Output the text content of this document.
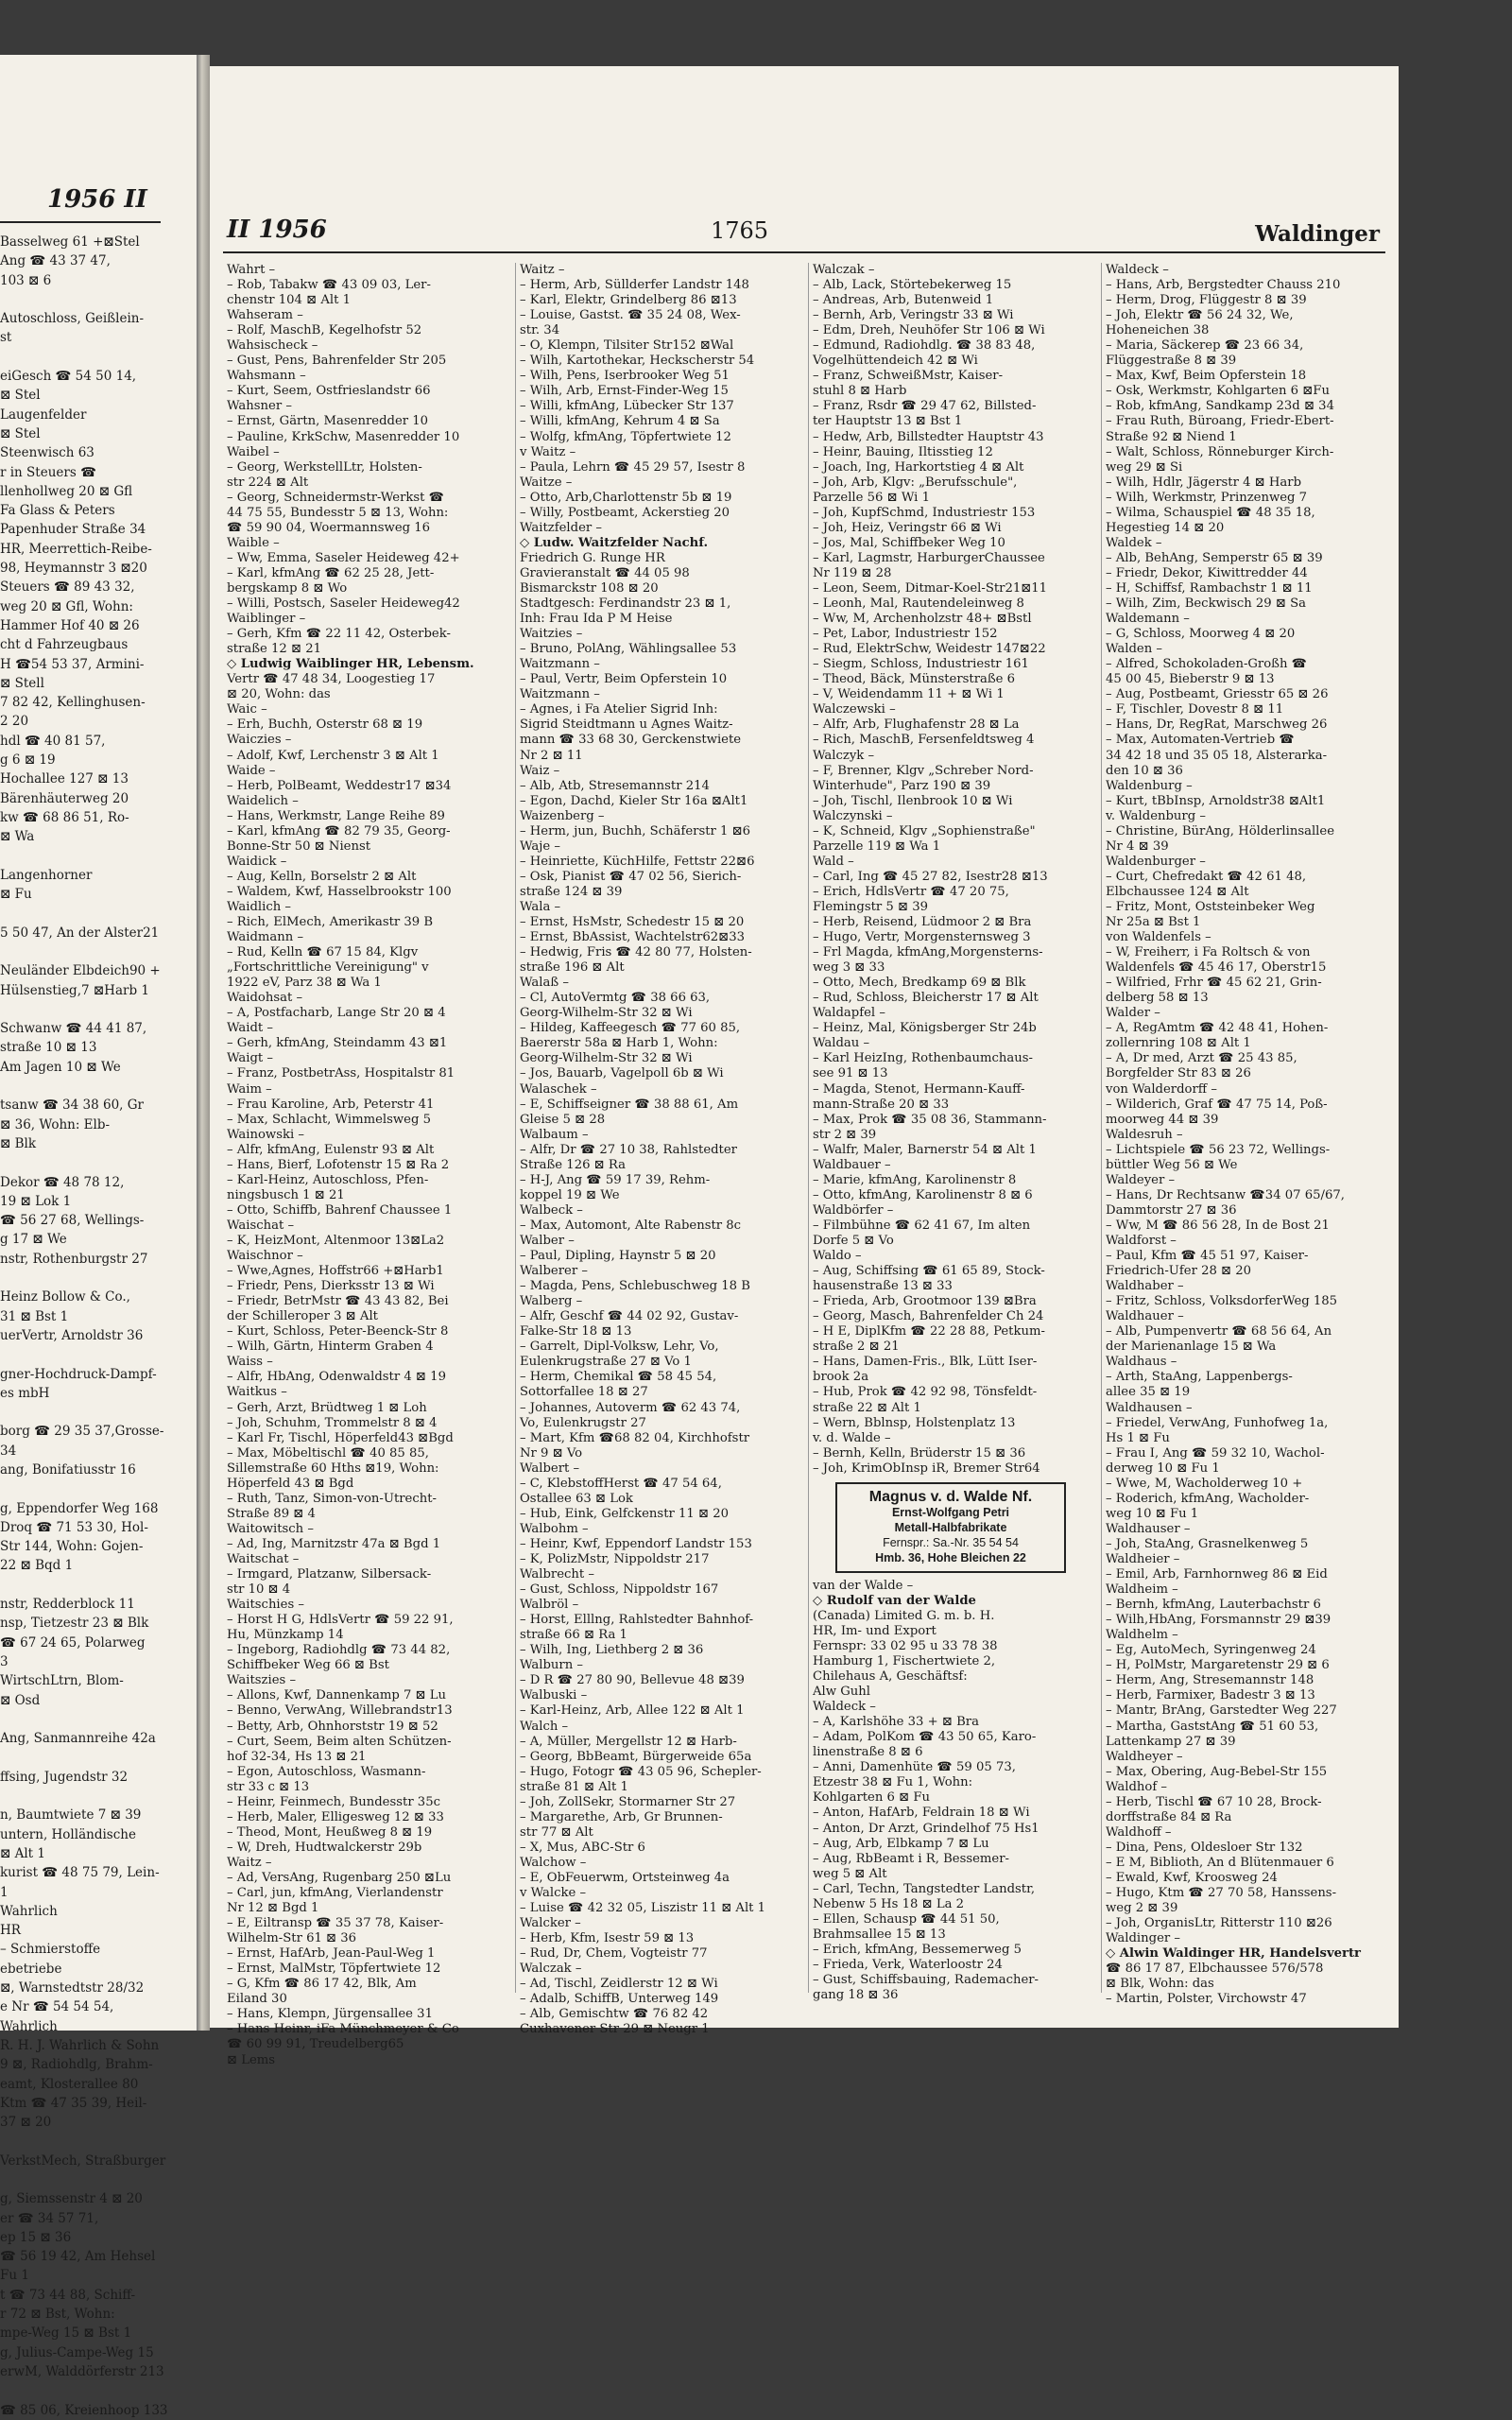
1956 II
Basselweg 61 +⊠Stel
Ang ☎ 43 37 47,
103 ⊠ 6

Autoschloss, Geißlein-
st

eiGesch ☎ 54 50 14,
⊠ Stel
Laugenfelder
⊠ Stel
Steenwisch 63
r in Steuers ☎
llenhollweg 20 ⊠ Gfl
Fa Glass & Peters
Papenhuder Straße 34
HR, Meerrettich-Reibe-
98, Heymannstr 3 ⊠20
Steuers ☎ 89 43 32,
weg 20 ⊠ Gfl, Wohn:
Hammer Hof 40 ⊠ 26
cht d Fahrzeugbaus
H ☎54 53 37, Armini-
⊠ Stell
7 82 42, Kellinghusen-
2 20
hdl ☎ 40 81 57,
g 6 ⊠ 19
Hochallee 127 ⊠ 13
Bärenhäuterweg 20
kw ☎ 68 86 51, Ro-
⊠ Wa

Langenhorner
⊠ Fu

5 50 47, An der Alster21

Neuländer Elbdeich90 +
Hülsenstieg,7 ⊠Harb 1

Schwanw ☎ 44 41 87,
straße 10 ⊠ 13
Am Jagen 10 ⊠ We

tsanw ☎ 34 38 60, Gr
⊠ 36, Wohn: Elb-
⊠ Blk

Dekor ☎ 48 78 12,
19 ⊠ Lok 1
☎ 56 27 68, Wellings-
g 17 ⊠ We
nstr, Rothenburgstr 27

Heinz Bollow & Co.,
31 ⊠ Bst 1
uerVertr, Arnoldstr 36

gner-Hochdruck-Dampf-
es mbH

borg ☎ 29 35 37,Grosse-
34
ang, Bonifatiusstr 16

g, Eppendorfer Weg 168
Droq ☎ 71 53 30, Hol-
Str 144, Wohn: Gojen-
22 ⊠ Bqd 1

nstr, Redderblock 11
nsp, Tietzestr 23 ⊠ Blk
☎ 67 24 65, Polarweg
3
WirtschLtrn, Blom-
⊠ Osd

Ang, Sanmannreihe 42a

ffsing, Jugendstr 32

n, Baumtwiete 7 ⊠ 39
untern, Holländische
⊠ Alt 1
kurist ☎ 48 75 79, Lein-
1
Wahrlich
HR
– Schmierstoffe
ebetriebe
⊠, Warnstedtstr 28/32
e Nr ☎ 54 54 54,
Wahrlich
R. H. J. Wahrlich & Sohn
9 ⊠, Radiohdlg, Brahm-
eamt, Klosterallee 80
Ktm ☎ 47 35 39, Heil-
37 ⊠ 20

VerkstMech, Straßburger

g, Siemssenstr 4 ⊠ 20
er ☎ 34 57 71,
ep 15 ⊠ 36
☎ 56 19 42, Am Hehsel
Fu 1
t ☎ 73 44 88, Schiff-
r 72 ⊠ Bst, Wohn:
mpe-Weg 15 ⊠ Bst 1
g, Julius-Campe-Weg 15
erwM, Walddörferstr 213

☎ 85 06, Kreienhoop 133
II 1956	1765	Waldinger
Wahrt –
– Rob, Tabakw ☎ 43 09 03, Ler-
chenstr 104 ⊠ Alt 1
Wahseram –
– Rolf, MaschB, Kegelhofstr 52
Wahsischeck –
– Gust, Pens, Bahrenfelder Str 205
Wahsmann –
– Kurt, Seem, Ostfrieslandstr 66
Wahsner –
– Ernst, Gärtn, Masenredder 10
– Pauline, KrkSchw, Masenredder 10
Waibel –
– Georg, WerkstellLtr, Holsten-
str 224 ⊠ Alt
– Georg, Schneidermstr-Werkst ☎
44 75 55, Bundesstr 5 ⊠ 13, Wohn:
☎ 59 90 04, Woermannsweg 16
Waible –
– Ww, Emma, Saseler Heideweg 42+
– Karl, kfmAng ☎ 62 25 28, Jett-
bergskamp 8 ⊠ Wo
– Willi, Postsch, Saseler Heideweg42
Waiblinger –
– Gerh, Kfm ☎ 22 11 42, Osterbek-
straße 12 ⊠ 21
◇ Ludwig Waiblinger HR, Lebensm.
Vertr ☎ 47 48 34, Loogestieg 17
⊠ 20, Wohn: das
Waic –
– Erh, Buchh, Osterstr 68 ⊠ 19
Waiczies –
– Adolf, Kwf, Lerchenstr 3 ⊠ Alt 1
Waide –
– Herb, PolBeamt, Weddestr17 ⊠34
Waidelich –
– Hans, Werkmstr, Lange Reihe 89
– Karl, kfmAng ☎ 82 79 35, Georg-
Bonne-Str 50 ⊠ Nienst
Waidick –
– Aug, Kelln, Borselstr 2 ⊠ Alt
– Waldem, Kwf, Hasselbrookstr 100
Waidlich –
– Rich, ElMech, Amerikastr 39 B
Waidmann –
– Rud, Kelln ☎ 67 15 84, Klgv
„Fortschrittliche Vereinigung" v
1922 eV, Parz 38 ⊠ Wa 1
Waidohsat –
– A, Postfacharb, Lange Str 20 ⊠ 4
Waidt –
– Gerh, kfmAng, Steindamm 43 ⊠1
Waigt –
– Franz, PostbetrAss, Hospitalstr 81
Waim –
– Frau Karoline, Arb, Peterstr 41
– Max, Schlacht, Wimmelsweg 5
Wainowski –
– Alfr, kfmAng, Eulenstr 93 ⊠ Alt
– Hans, Bierf, Lofotenstr 15 ⊠ Ra 2
– Karl-Heinz, Autoschloss, Pfen-
ningsbusch 1 ⊠ 21
– Otto, Schiffb, Bahrenf Chaussee 1
Waischat –
– K, HeizMont, Altenmoor 13⊠La2
Waischnor –
– Wwe,Agnes, Hoffstr66 +⊠Harb1
– Friedr, Pens, Dierksstr 13 ⊠ Wi
– Friedr, BetrMstr ☎ 43 43 82, Bei
der Schilleroper 3 ⊠ Alt
– Kurt, Schloss, Peter-Beenck-Str 8
– Wilh, Gärtn, Hinterm Graben 4
Waiss –
– Alfr, HbAng, Odenwaldstr 4 ⊠ 19
Waitkus –
– Gerh, Arzt, Brüdtweg 1 ⊠ Loh
– Joh, Schuhm, Trommelstr 8 ⊠ 4
– Karl Fr, Tischl, Höperfeld43 ⊠Bgd
– Max, Möbeltischl ☎ 40 85 85,
Sillemstraße 60 Hths ⊠19, Wohn:
Höperfeld 43 ⊠ Bgd
– Ruth, Tanz, Simon-von-Utrecht-
Straße 89 ⊠ 4
Waitowitsch –
– Ad, Ing, Marnitzstr 47a ⊠ Bgd 1
Waitschat –
– Irmgard, Platzanw, Silbersack-
str 10 ⊠ 4
Waitschies –
– Horst H G, HdlsVertr ☎ 59 22 91,
Hu, Münzkamp 14
– Ingeborg, Radiohdlg ☎ 73 44 82,
Schiffbeker Weg 66 ⊠ Bst
Waitszies –
– Allons, Kwf, Dannenkamp 7 ⊠ Lu
– Benno, VerwAng, Willebrandstr13
– Betty, Arb, Ohnhorststr 19 ⊠ 52
– Curt, Seem, Beim alten Schützen-
hof 32-34, Hs 13 ⊠ 21
– Egon, Autoschloss, Wasmann-
str 33 c ⊠ 13
– Heinr, Feinmech, Bundesstr 35c
– Herb, Maler, Elligesweg 12 ⊠ 33
– Theod, Mont, Heußweg 8 ⊠ 19
– W, Dreh, Hudtwalckerstr 29b
Waitz –
– Ad, VersAng, Rugenbarg 250 ⊠Lu
– Carl, jun, kfmAng, Vierlandenstr
Nr 12 ⊠ Bgd 1
– E, Eiltransp ☎ 35 37 78, Kaiser-
Wilhelm-Str 61 ⊠ 36
– Ernst, HafArb, Jean-Paul-Weg 1
– Ernst, MalMstr, Töpfertwiete 12
– G, Kfm ☎ 86 17 42, Blk, Am
Eiland 30
– Hans, Klempn, Jürgensallee 31
– Hans Heinr, iFa Münchmeyer & Co
☎ 60 99 91, Treudelberg65
⊠ Lems
Waitz –
– Herm, Arb, Süllderfer Landstr 148
– Karl, Elektr, Grindelberg 86 ⊠13
– Louise, Gastst. ☎ 35 24 08, Wex-
str. 34
– O, Klempn, Tilsiter Str152 ⊠Wal
– Wilh, Kartothekar, Heckscherstr 54
– Wilh, Pens, Iserbrooker Weg 51
– Wilh, Arb, Ernst-Finder-Weg 15
– Willi, kfmAng, Lübecker Str 137
– Willi, kfmAng, Kehrum 4 ⊠ Sa
– Wolfg, kfmAng, Töpfertwiete 12
v Waitz –
– Paula, Lehrn ☎ 45 29 57, Isestr 8
Waitze –
– Otto, Arb,Charlottenstr 5b ⊠ 19
– Willy, Postbeamt, Ackerstieg 20
Waitzfelder –
◇ Ludw. Waitzfelder Nachf.
Friedrich G. Runge HR
Gravieranstalt ☎ 44 05 98
Bismarckstr 108 ⊠ 20
Stadtgesch: Ferdinandstr 23 ⊠ 1,
Inh: Frau Ida P M Heise
Waitzies –
– Bruno, PolAng, Wählingsallee 53
Waitzmann –
– Paul, Vertr, Beim Opferstein 10
Waitzmann –
– Agnes, i Fa Atelier Sigrid Inh:
Sigrid Steidtmann u Agnes Waitz-
mann ☎ 33 68 30, Gerckenstwiete
Nr 2 ⊠ 11
Waiz –
– Alb, Atb, Stresemannstr 214
– Egon, Dachd, Kieler Str 16a ⊠Alt1
Waizenberg –
– Herm, jun, Buchh, Schäferstr 1 ⊠6
Waje –
– Heinriette, KüchHilfe, Fettstr 22⊠6
– Osk, Pianist ☎ 47 02 56, Sierich-
straße 124 ⊠ 39
Wala –
– Ernst, HsMstr, Schedestr 15 ⊠ 20
– Ernst, BbAssist, Wachtelstr62⊠33
– Hedwig, Fris ☎ 42 80 77, Holsten-
straße 196 ⊠ Alt
Walaß –
– Cl, AutoVermtg ☎ 38 66 63,
Georg-Wilhelm-Str 32 ⊠ Wi
– Hildeg, Kaffeegesch ☎ 77 60 85,
Baererstr 58a ⊠ Harb 1, Wohn:
Georg-Wilhelm-Str 32 ⊠ Wi
– Jos, Bauarb, Vagelpoll 6b ⊠ Wi
Walaschek –
– E, Schiffseigner ☎ 38 88 61, Am
Gleise 5 ⊠ 28
Walbaum –
– Alfr, Dr ☎ 27 10 38, Rahlstedter
Straße 126 ⊠ Ra
– H-J, Ang ☎ 59 17 39, Rehm-
koppel 19 ⊠ We
Walbeck –
– Max, Automont, Alte Rabenstr 8c
Walber –
– Paul, Dipling, Haynstr 5 ⊠ 20
Walberer –
– Magda, Pens, Schlebuschweg 18 B
Walberg –
– Alfr, Geschf ☎ 44 02 92, Gustav-
Falke-Str 18 ⊠ 13
– Garrelt, Dipl-Volksw, Lehr, Vo,
Eulenkrugstraße 27 ⊠ Vo 1
– Herm, Chemikal ☎ 58 45 54,
Sottorfallee 18 ⊠ 27
– Johannes, Autoverm ☎ 62 43 74,
Vo, Eulenkrugstr 27
– Mart, Kfm ☎68 82 04, Kirchhofstr
Nr 9 ⊠ Vo
Walbert –
– C, KlebstoffHerst ☎ 47 54 64,
Ostallee 63 ⊠ Lok
– Hub, Eink, Gelfckenstr 11 ⊠ 20
Walbohm –
– Heinr, Kwf, Eppendorf Landstr 153
– K, PolizMstr, Nippoldstr 217
Walbrecht –
– Gust, Schloss, Nippoldstr 167
Walbröl –
– Horst, Elllng, Rahlstedter Bahnhof-
straße 66 ⊠ Ra 1
– Wilh, Ing, Liethberg 2 ⊠ 36
Walburn –
– D R ☎ 27 80 90, Bellevue 48 ⊠39
Walbuski –
– Karl-Heinz, Arb, Allee 122 ⊠ Alt 1
Walch –
– A, Müller, Mergellstr 12 ⊠ Harb-
– Georg, BbBeamt, Bürgerweide 65a
– Hugo, Fotogr ☎ 43 05 96, Schepler-
straße 81 ⊠ Alt 1
– Joh, ZollSekr, Stormarner Str 27
– Margarethe, Arb, Gr Brunnen-
str 77 ⊠ Alt
– X, Mus, ABC-Str 6
Walchow –
– E, ObFeuerwm, Ortsteinweg 4a
v Walcke –
– Luise ☎ 42 32 05, Liszistr 11 ⊠ Alt 1
Walcker –
– Herb, Kfm, Isestr 59 ⊠ 13
– Rud, Dr, Chem, Vogteistr 77
Walczak –
– Ad, Tischl, Zeidlerstr 12 ⊠ Wi
– Adalb, SchiffB, Unterweg 149
– Alb, Gemischtw ☎ 76 82 42
Cuxhavener Str 29 ⊠ Neugr 1
Walczak –
– Alb, Lack, Störtebekerweg 15
– Andreas, Arb, Butenweid 1
– Bernh, Arb, Veringstr 33 ⊠ Wi
– Edm, Dreh, Neuhöfer Str 106 ⊠ Wi
– Edmund, Radiohdlg. ☎ 38 83 48,
Vogelhüttendeich 42 ⊠ Wi
– Franz, SchweißMstr, Kaiser-
stuhl 8 ⊠ Harb
– Franz, Rsdr ☎ 29 47 62, Billsted-
ter Hauptstr 13 ⊠ Bst 1
– Hedw, Arb, Billstedter Hauptstr 43
– Heinr, Bauing, Iltisstieg 12
– Joach, Ing, Harkortstieg 4 ⊠ Alt
– Joh, Arb, Klgv: „Berufsschule",
Parzelle 56 ⊠ Wi 1
– Joh, KupfSchmd, Industriestr 153
– Joh, Heiz, Veringstr 66 ⊠ Wi
– Jos, Mal, Schiffbeker Weg 10
– Karl, Lagmstr, HarburgerChaussee
Nr 119 ⊠ 28
– Leon, Seem, Ditmar-Koel-Str21⊠11
– Leonh, Mal, Rautendeleinweg 8
– Ww, M, Archenholzstr 48+ ⊠Bstl
– Pet, Labor, Industriestr 152
– Rud, ElektrSchw, Weidestr 147⊠22
– Siegm, Schloss, Industriestr 161
– Theod, Bäck, Münsterstraße 6
– V, Weidendamm 11 + ⊠ Wi 1
Walczewski –
– Alfr, Arb, Flughafenstr 28 ⊠ La
– Rich, MaschB, Fersenfeldtsweg 4
Walczyk –
– F, Brenner, Klgv „Schreber Nord-
Winterhude", Parz 190 ⊠ 39
– Joh, Tischl, Ilenbrook 10 ⊠ Wi
Walczynski –
– K, Schneid, Klgv „Sophienstraße"
Parzelle 119 ⊠ Wa 1
Wald –
– Carl, Ing ☎ 45 27 82, Isestr28 ⊠13
– Erich, HdlsVertr ☎ 47 20 75,
Flemingstr 5 ⊠ 39
– Herb, Reisend, Lüdmoor 2 ⊠ Bra
– Hugo, Vertr, Morgensternsweg 3
– Frl Magda, kfmAng,Morgensterns-
weg 3 ⊠ 33
– Otto, Mech, Bredkamp 69 ⊠ Blk
– Rud, Schloss, Bleicherstr 17 ⊠ Alt
Waldapfel –
– Heinz, Mal, Königsberger Str 24b
Waldau –
– Karl HeizIng, Rothenbaumchaus-
see 91 ⊠ 13
– Magda, Stenot, Hermann-Kauff-
mann-Straße 20 ⊠ 33
– Max, Prok ☎ 35 08 36, Stammann-
str 2 ⊠ 39
– Walfr, Maler, Barnerstr 54 ⊠ Alt 1
Waldbauer –
– Marie, kfmAng, Karolinenstr 8
– Otto, kfmAng, Karolinenstr 8 ⊠ 6
Waldbörfer –
– Filmbühne ☎ 62 41 67, Im alten
Dorfe 5 ⊠ Vo
Waldo –
– Aug, Schiffsing ☎ 61 65 89, Stock-
hausenstraße 13 ⊠ 33
– Frieda, Arb, Grootmoor 139 ⊠Bra
– Georg, Masch, Bahrenfelder Ch 24
– H E, DiplKfm ☎ 22 28 88, Petkum-
straße 2 ⊠ 21
– Hans, Damen-Fris., Blk, Lütt Iser-
brook 2a
– Hub, Prok ☎ 42 92 98, Tönsfeldt-
straße 22 ⊠ Alt 1
– Wern, Bblnsp, Holstenplatz 13
v. d. Walde –
– Bernh, Kelln, Brüderstr 15 ⊠ 36
– Joh, KrimObInsp iR, Bremer Str64
Magnus v. d. Walde Nf.
Ernst-Wolfgang Petri
Metall-Halbfabrikate
Fernspr.: Sa.-Nr. 35 54 54
Hmb. 36, Hohe Bleichen 22
van der Walde –
◇ Rudolf van der Walde
(Canada) Limited G. m. b. H.
HR, Im- und Export
Fernspr: 33 02 95 u 33 78 38
Hamburg 1, Fischertwiete 2,
Chilehaus A, Geschäftsf:
Alw Guhl
Waldeck –
– A, Karlshöhe 33 + ⊠ Bra
– Adam, PolKom ☎ 43 50 65, Karo-
linenstraße 8 ⊠ 6
– Anni, Damenhüte ☎ 59 05 73,
Etzestr 38 ⊠ Fu 1, Wohn:
Kohlgarten 6 ⊠ Fu
– Anton, HafArb, Feldrain 18 ⊠ Wi
– Anton, Dr Arzt, Grindelhof 75 Hs1
– Aug, Arb, Elbkamp 7 ⊠ Lu
– Aug, RbBeamt i R, Bessemer-
weg 5 ⊠ Alt
– Carl, Techn, Tangstedter Landstr,
Nebenw 5 Hs 18 ⊠ La 2
– Ellen, Schausp ☎ 44 51 50,
Brahmsallee 15 ⊠ 13
– Erich, kfmAng, Bessemerweg 5
– Frieda, Verk, Waterloostr 24
– Gust, Schiffsbauing, Rademacher-
gang 18 ⊠ 36
Waldeck –
– Hans, Arb, Bergstedter Chauss 210
– Herm, Drog, Flüggestr 8 ⊠ 39
– Joh, Elektr ☎ 56 24 32, We,
Hoheneichen 38
– Maria, Säckerep ☎ 23 66 34,
Flüggestraße 8 ⊠ 39
– Max, Kwf, Beim Opferstein 18
– Osk, Werkmstr, Kohlgarten 6 ⊠Fu
– Rob, kfmAng, Sandkamp 23d ⊠ 34
– Frau Ruth, Büroang, Friedr-Ebert-
Straße 92 ⊠ Niend 1
– Walt, Schloss, Rönneburger Kirch-
weg 29 ⊠ Si
– Wilh, Hdlr, Jägerstr 4 ⊠ Harb
– Wilh, Werkmstr, Prinzenweg 7
– Wilma, Schauspiel ☎ 48 35 18,
Hegestieg 14 ⊠ 20
Waldek –
– Alb, BehAng, Semperstr 65 ⊠ 39
– Friedr, Dekor, Kiwittredder 44
– H, Schiffsf, Rambachstr 1 ⊠ 11
– Wilh, Zim, Beckwisch 29 ⊠ Sa
Waldemann –
– G, Schloss, Moorweg 4 ⊠ 20
Walden –
– Alfred, Schokoladen-Großh ☎
45 00 45, Bieberstr 9 ⊠ 13
– Aug, Postbeamt, Griesstr 65 ⊠ 26
– F, Tischler, Dovestr 8 ⊠ 11
– Hans, Dr, RegRat, Marschweg 26
– Max, Automaten-Vertrieb ☎
34 42 18 und 35 05 18, Alsterarka-
den 10 ⊠ 36
Waldenburg –
– Kurt, tBbInsp, Arnoldstr38 ⊠Alt1
v. Waldenburg –
– Christine, BürAng, Hölderlinsallee
Nr 4 ⊠ 39
Waldenburger –
– Curt, Chefredakt ☎ 42 61 48,
Elbchaussee 124 ⊠ Alt
– Fritz, Mont, Oststeinbeker Weg
Nr 25a ⊠ Bst 1
von Waldenfels –
– W, Freiherr, i Fa Roltsch & von
Waldenfels ☎ 45 46 17, Oberstr15
– Wilfried, Frhr ☎ 45 62 21, Grin-
delberg 58 ⊠ 13
Walder –
– A, RegAmtm ☎ 42 48 41, Hohen-
zollernring 108 ⊠ Alt 1
– A, Dr med, Arzt ☎ 25 43 85,
Borgfelder Str 83 ⊠ 26
von Walderdorff –
– Wilderich, Graf ☎ 47 75 14, Poß-
moorweg 44 ⊠ 39
Waldesruh –
– Lichtspiele ☎ 56 23 72, Wellings-
büttler Weg 56 ⊠ We
Waldeyer –
– Hans, Dr Rechtsanw ☎34 07 65/67,
Dammtorstr 27 ⊠ 36
– Ww, M ☎ 86 56 28, In de Bost 21
Waldforst –
– Paul, Kfm ☎ 45 51 97, Kaiser-
Friedrich-Ufer 28 ⊠ 20
Waldhaber –
– Fritz, Schloss, VolksdorferWeg 185
Waldhauer –
– Alb, Pumpenvertr ☎ 68 56 64, An
der Marienanlage 15 ⊠ Wa
Waldhaus –
– Arth, StaAng, Lappenbergs-
allee 35 ⊠ 19
Waldhausen –
– Friedel, VerwAng, Funhofweg 1a,
Hs 1 ⊠ Fu
– Frau I, Ang ☎ 59 32 10, Wachol-
derweg 10 ⊠ Fu 1
– Wwe, M, Wacholderweg 10 +
– Roderich, kfmAng, Wacholder-
weg 10 ⊠ Fu 1
Waldhauser –
– Joh, StaAng, Grasnelkenweg 5
Waldheier –
– Emil, Arb, Farnhornweg 86 ⊠ Eid
Waldheim –
– Bernh, kfmAng, Lauterbachstr 6
– Wilh,HbAng, Forsmannstr 29 ⊠39
Waldhelm –
– Eg, AutoMech, Syringenweg 24
– H, PolMstr, Margaretenstr 29 ⊠ 6
– Herm, Ang, Stresemannstr 148
– Herb, Farmixer, Badestr 3 ⊠ 13
– Mantr, BrAng, Garstedter Weg 227
– Martha, GaststAng ☎ 51 60 53,
Lattenkamp 27 ⊠ 39
Waldheyer –
– Max, Obering, Aug-Bebel-Str 155
Waldhof –
– Herb, Tischl ☎ 67 10 28, Brock-
dorffstraße 84 ⊠ Ra
Waldhoff –
– Dina, Pens, Oldesloer Str 132
– E M, Biblioth, An d Blütenmauer 6
– Ewald, Kwf, Kroosweg 24
– Hugo, Ktm ☎ 27 70 58, Hanssens-
weg 2 ⊠ 39
– Joh, OrganisLtr, Ritterstr 110 ⊠26
Waldinger –
◇ Alwin Waldinger HR, Handelsvertr
☎ 86 17 87, Elbchaussee 576/578
⊠ Blk, Wohn: das
– Martin, Polster, Virchowstr 47
